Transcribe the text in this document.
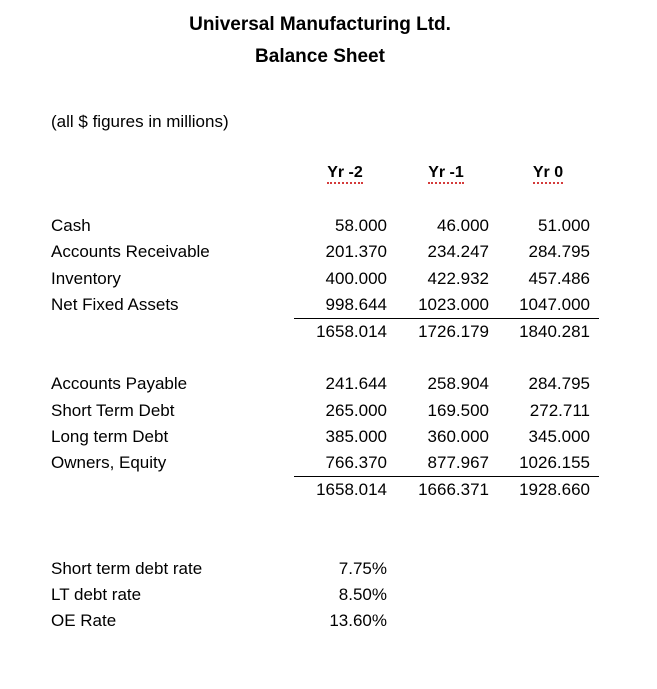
Universal Manufacturing Ltd.
Balance Sheet
(all $ figures in millions)
Yr -2	Yr -1	Yr 0
Cash	58.000	46.000	51.000
Accounts Receivable	201.370	234.247	284.795
Inventory	400.000	422.932	457.486
Net Fixed Assets	998.644	1023.000	1047.000
1658.014	1726.179	1840.281
Accounts Payable	241.644	258.904	284.795
Short Term Debt	265.000	169.500	272.711
Long term Debt	385.000	360.000	345.000
Owners, Equity	766.370	877.967	1026.155
1658.014	1666.371	1928.660
Short term debt rate	7.75%
LT debt rate	8.50%
OE Rate	13.60%
